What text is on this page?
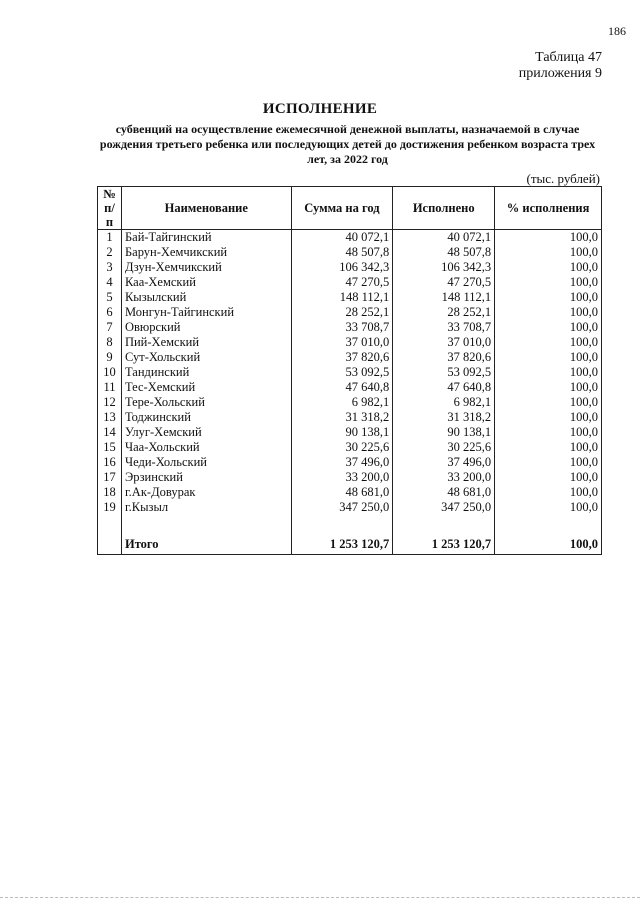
186
Таблица 47
приложения 9
ИСПОЛНЕНИЕ
субвенций на осуществление ежемесячной денежной выплаты, назначаемой в случае рождения третьего ребенка или последующих детей до достижения ребенком возраста трех лет, за 2022 год
(тыс. рублей)
№ п/п	Наименование	Сумма на год	Исполнено	% исполнения
1	Бай-Тайгинский	40 072,1	40 072,1	100,0
2	Барун-Хемчикский	48 507,8	48 507,8	100,0
3	Дзун-Хемчикский	106 342,3	106 342,3	100,0
4	Каа-Хемский	47 270,5	47 270,5	100,0
5	Кызылский	148 112,1	148 112,1	100,0
6	Монгун-Тайгинский	28 252,1	28 252,1	100,0
7	Овюрский	33 708,7	33 708,7	100,0
8	Пий-Хемский	37 010,0	37 010,0	100,0
9	Сут-Хольский	37 820,6	37 820,6	100,0
10	Тандинский	53 092,5	53 092,5	100,0
11	Тес-Хемский	47 640,8	47 640,8	100,0
12	Тере-Хольский	6 982,1	6 982,1	100,0
13	Тоджинский	31 318,2	31 318,2	100,0
14	Улуг-Хемский	90 138,1	90 138,1	100,0
15	Чаа-Хольский	30 225,6	30 225,6	100,0
16	Чеди-Хольский	37 496,0	37 496,0	100,0
17	Эрзинский	33 200,0	33 200,0	100,0
18	г.Ак-Довурак	48 681,0	48 681,0	100,0
19	г.Кызыл	347 250,0	347 250,0	100,0

	Итого	1 253 120,7	1 253 120,7	100,0
